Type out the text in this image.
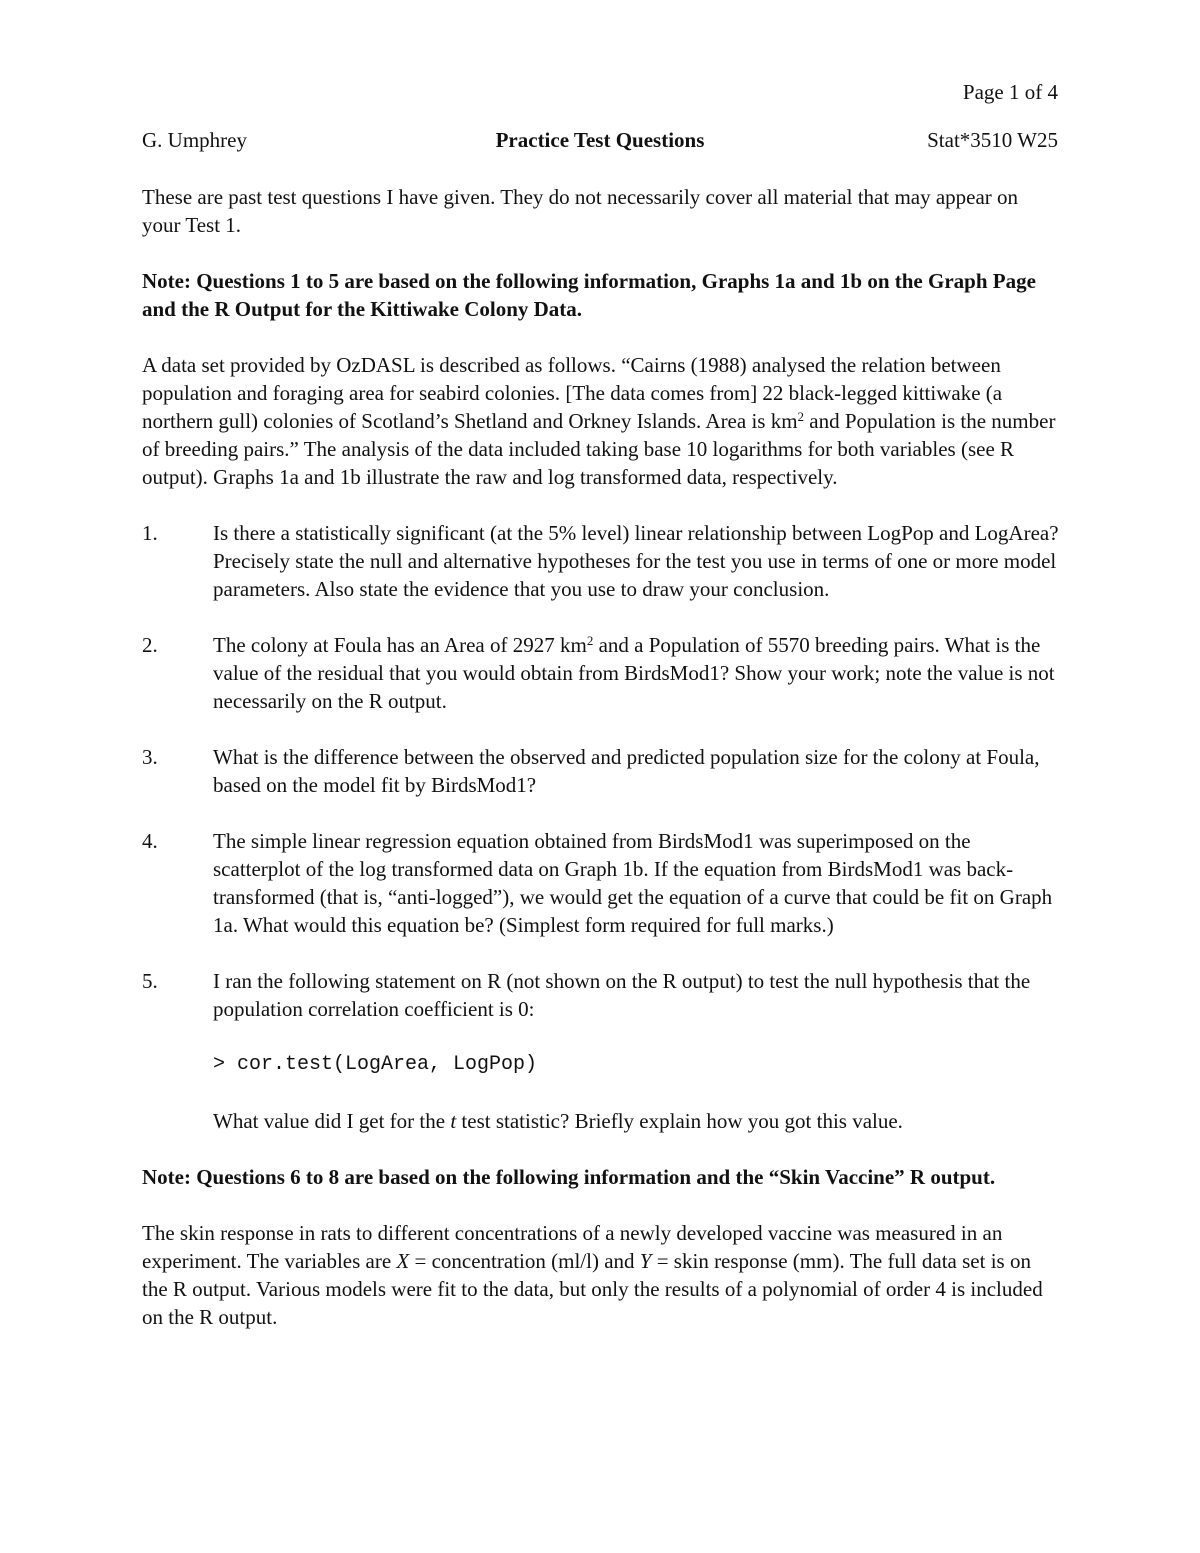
Page 1 of 4
G. Umphrey	Practice Test Questions	Stat*3510 W25

These are past test questions I have given. They do not necessarily cover all material that may appear on your Test 1.

Note: Questions 1 to 5 are based on the following information, Graphs 1a and 1b on the Graph Page and the R Output for the Kittiwake Colony Data.

A data set provided by OzDASL is described as follows. “Cairns (1988) analysed the relation between population and foraging area for seabird colonies. [The data comes from] 22 black-legged kittiwake (a northern gull) colonies of Scotland’s Shetland and Orkney Islands. Area is $km^2$ and Population is the number of breeding pairs.” The analysis of the data included taking base 10 logarithms for both variables (see R output). Graphs 1a and 1b illustrate the raw and log transformed data, respectively.

1.	Is there a statistically significant (at the 5% level) linear relationship between LogPop and LogArea? Precisely state the null and alternative hypotheses for the test you use in terms of one or more model parameters. Also state the evidence that you use to draw your conclusion.
2.	The colony at Foula has an Area of 2927 $km^2$ and a Population of 5570 breeding pairs. What is the value of the residual that you would obtain from BirdsMod1? Show your work; note the value is not necessarily on the R output.
3.	What is the difference between the observed and predicted population size for the colony at Foula, based on the model fit by BirdsMod1?
4.	The simple linear regression equation obtained from BirdsMod1 was superimposed on the scatterplot of the log transformed data on Graph 1b. If the equation from BirdsMod1 was back-transformed (that is, “anti-logged”), we would get the equation of a curve that could be fit on Graph 1a. What would this equation be? (Simplest form required for full marks.)
5.	I ran the following statement on R (not shown on the R output) to test the null hypothesis that the population correlation coefficient is 0:
> cor.test(LogArea, LogPop)
What value did I get for the t test statistic? Briefly explain how you got this value.

Note: Questions 6 to 8 are based on the following information and the “Skin Vaccine” R output.

The skin response in rats to different concentrations of a newly developed vaccine was measured in an experiment. The variables are X = concentration (ml/l) and Y = skin response (mm). The full data set is on the R output. Various models were fit to the data, but only the results of a polynomial of order 4 is included on the R output.
